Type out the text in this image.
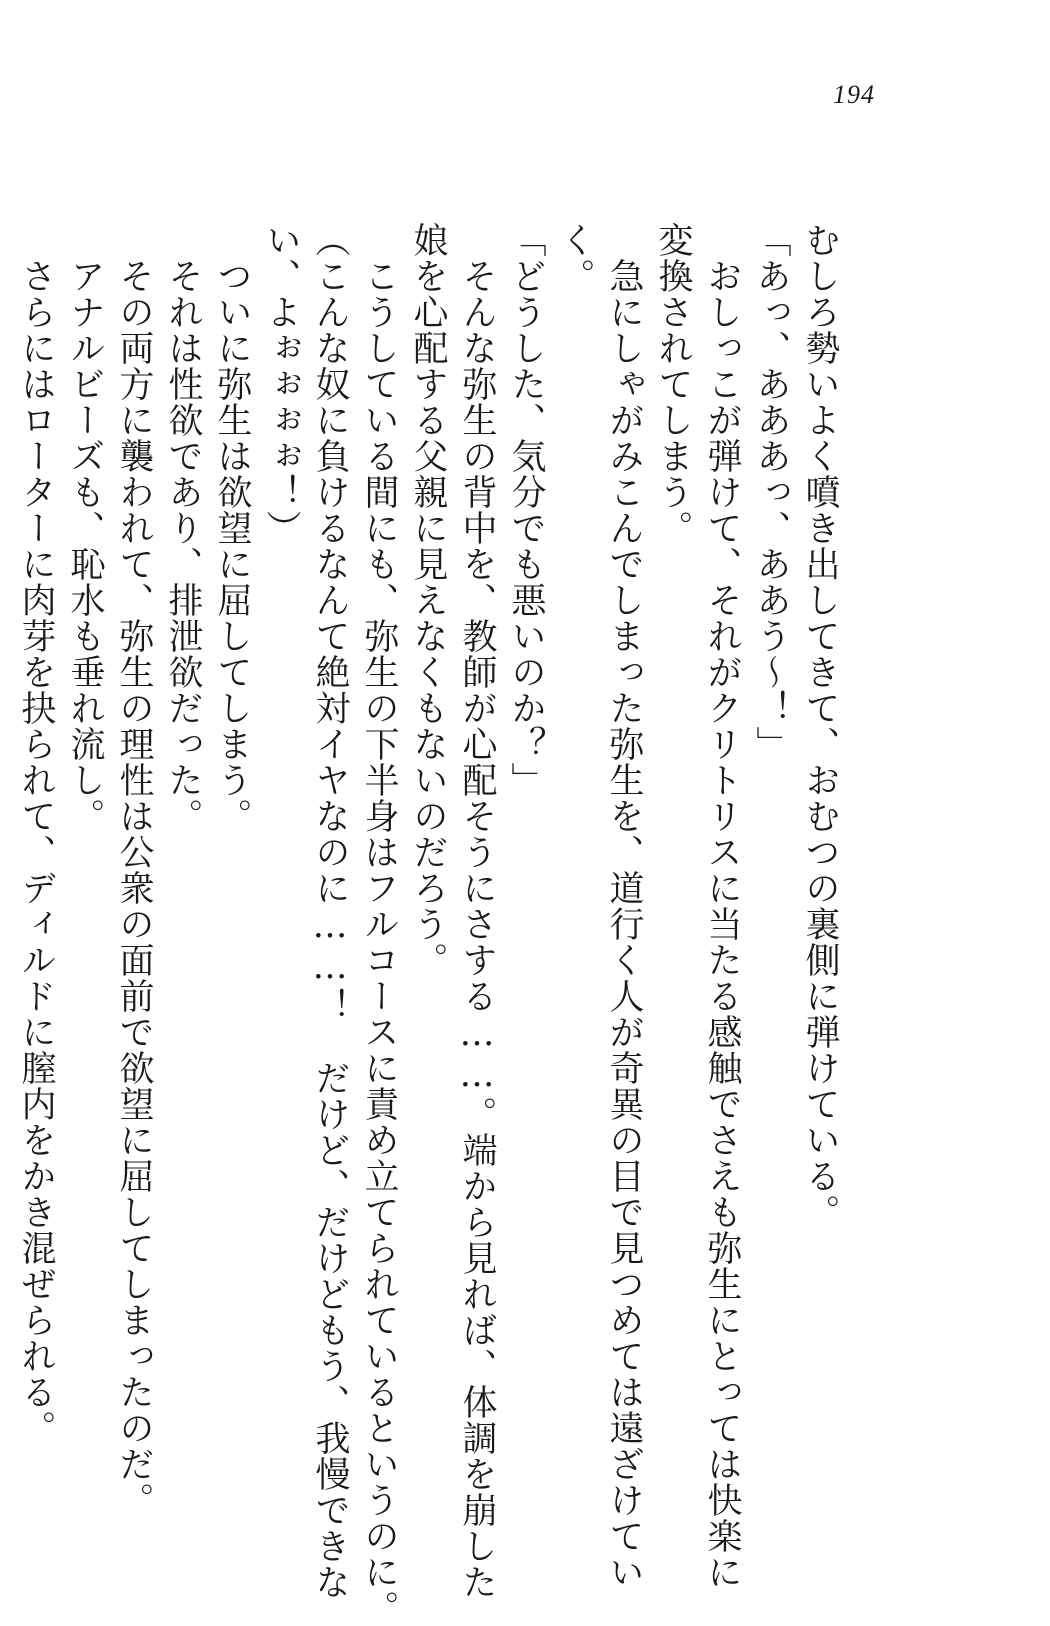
194
むしろ勢いよく噴き出してきて、おむつの裏側に弾けている。
「あっ、あああっ、ああう〜！」
　おしっこが弾けて、それがクリトリスに当たる感触でさえも弥生にとっては快楽に
変換されてしまう。
　急にしゃがみこんでしまった弥生を、道行く人が奇異の目で見つめては遠ざけてい
く。
「どうした、気分でも悪いのか？」
　そんな弥生の背中を、教師が心配そうにさする……。端から見れば、体調を崩した
娘を心配する父親に見えなくもないのだろう。
　こうしている間にも、弥生の下半身はフルコースに責め立てられているというのに。
（こんな奴に負けるなんて絶対イヤなのに……！　だけど、だけどもう、我慢できな
い、よぉぉぉぉ！）
　ついに弥生は欲望に屈してしまう。
　それは性欲であり、排泄欲だった。
　その両方に襲われて、弥生の理性は公衆の面前で欲望に屈してしまったのだ。
　アナルビーズも、恥水も垂れ流し。
　さらにはローターに肉芽を抉られて、ディルドに膣内をかき混ぜられる。
